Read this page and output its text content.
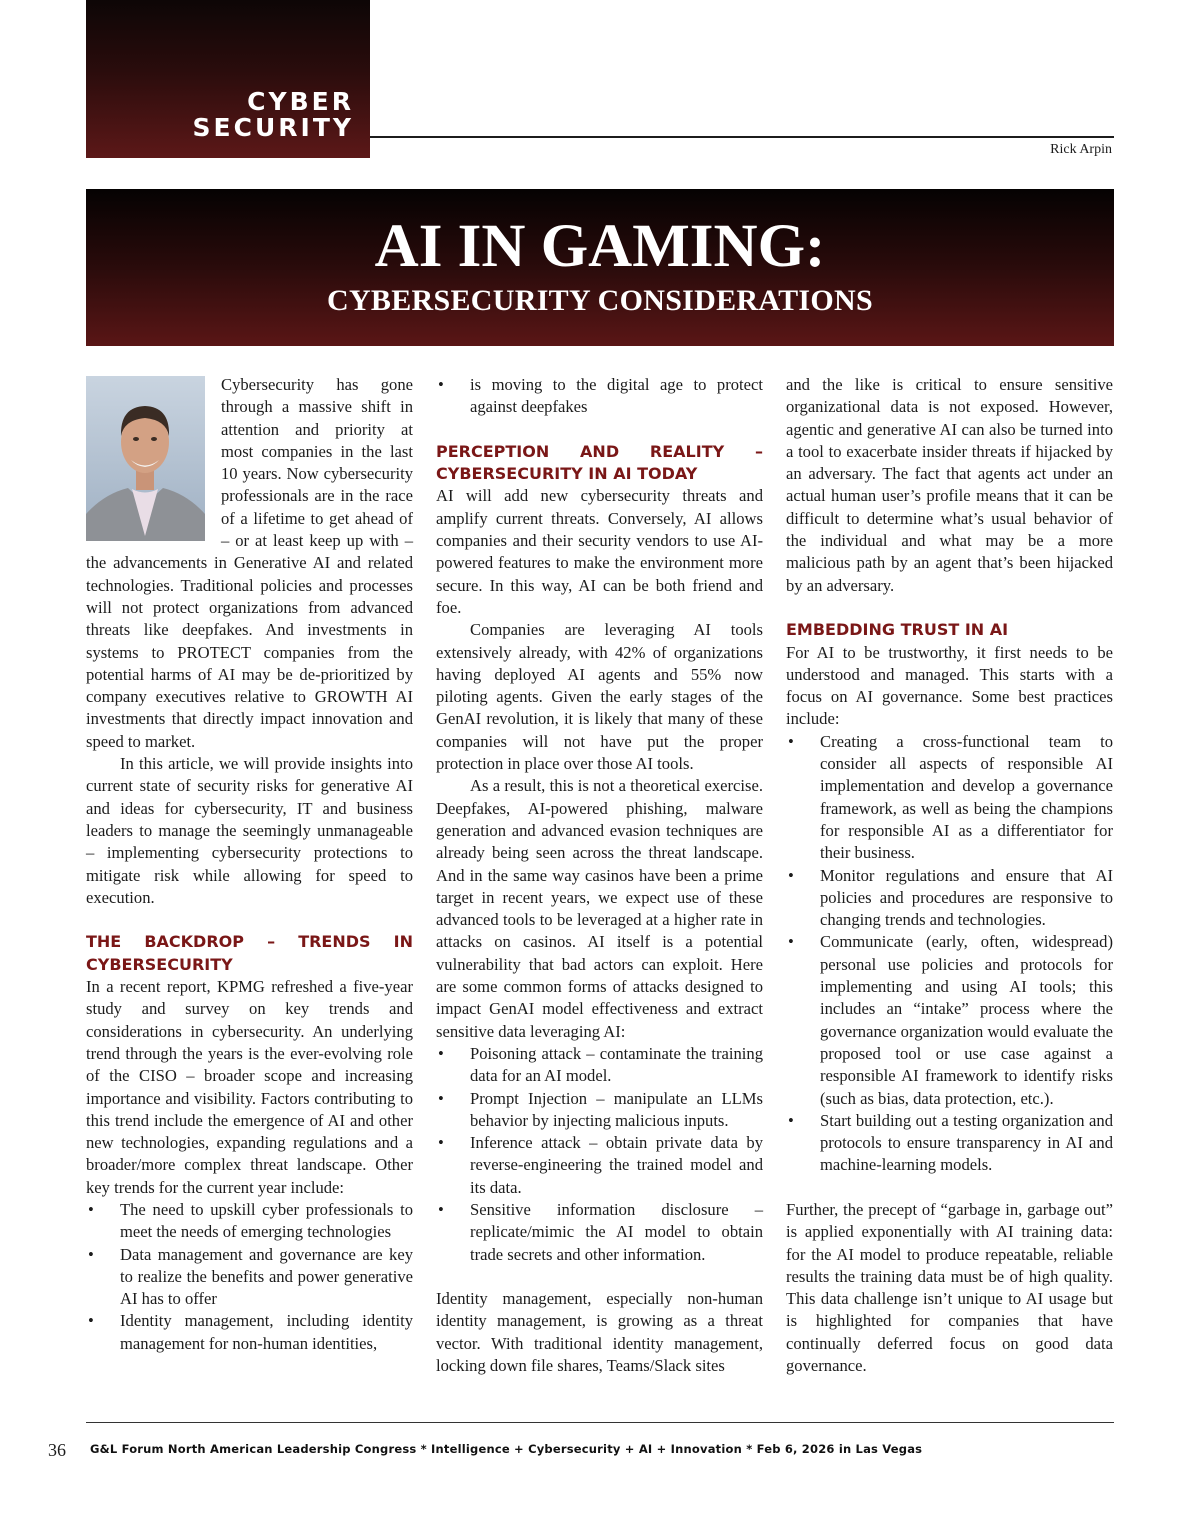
CYBER
SECURITY
Rick Arpin
AI IN GAMING:
CYBERSECURITY CONSIDERATIONS

Cybersecurity has gone through a massive shift in attention and priority at most companies in the last 10 years. Now cybersecurity professionals are in the race of a lifetime to get ahead of – or at least keep up with – the advancements in Generative AI and related technologies. Traditional policies and processes will not protect organizations from advanced threats like deepfakes. And investments in systems to PROTECT companies from the potential harms of AI may be de-prioritized by company executives relative to GROWTH AI investments that directly impact innovation and speed to market.

In this article, we will provide insights into current state of security risks for generative AI and ideas for cybersecurity, IT and business leaders to manage the seemingly unmanageable – implementing cybersecurity protections to mitigate risk while allowing for speed to execution.

THE BACKDROP – TRENDS IN CYBERSECURITY

In a recent report, KPMG refreshed a five-year study and survey on key trends and considerations in cybersecurity. An underlying trend through the years is the ever-evolving role of the CISO – broader scope and increasing importance and visibility. Factors contributing to this trend include the emergence of AI and other new technologies, expanding regulations and a broader/more complex threat landscape. Other key trends for the current year include:

• The need to upskill cyber professionals to meet the needs of emerging technologies
• Data management and governance are key to realize the benefits and power generative AI has to offer
• Identity management, including identity management for non-human identities,
• is moving to the digital age to protect against deepfakes
PERCEPTION AND REALITY – CYBERSECURITY IN AI TODAY

AI will add new cybersecurity threats and amplify current threats. Conversely, AI allows companies and their security vendors to use AI-powered features to make the environment more secure. In this way, AI can be both friend and foe.

Companies are leveraging AI tools extensively already, with 42% of organizations having deployed AI agents and 55% now piloting agents. Given the early stages of the GenAI revolution, it is likely that many of these companies will not have put the proper protection in place over those AI tools.

As a result, this is not a theoretical exercise. Deepfakes, AI-powered phishing, malware generation and advanced evasion techniques are already being seen across the threat landscape. And in the same way casinos have been a prime target in recent years, we expect use of these advanced tools to be leveraged at a higher rate in attacks on casinos. AI itself is a potential vulnerability that bad actors can exploit. Here are some common forms of attacks designed to impact GenAI model effectiveness and extract sensitive data leveraging AI:

• Poisoning attack – contaminate the training data for an AI model.
• Prompt Injection – manipulate an LLMs behavior by injecting malicious inputs.
• Inference attack – obtain private data by reverse-engineering the trained model and its data.
• Sensitive information disclosure – replicate/mimic the AI model to obtain trade secrets and other information.

Identity management, especially non-human identity management, is growing as a threat vector. With traditional identity management, locking down file shares, Teams/Slack sites

and the like is critical to ensure sensitive organizational data is not exposed. However, agentic and generative AI can also be turned into a tool to exacerbate insider threats if hijacked by an adversary. The fact that agents act under an actual human user’s profile means that it can be difficult to determine what’s usual behavior of the individual and what may be a more malicious path by an agent that’s been hijacked by an adversary.

EMBEDDING TRUST IN AI

For AI to be trustworthy, it first needs to be understood and managed. This starts with a focus on AI governance. Some best practices include:

• Creating a cross-functional team to consider all aspects of responsible AI implementation and develop a governance framework, as well as being the champions for responsible AI as a differentiator for their business.
• Monitor regulations and ensure that AI policies and procedures are responsive to changing trends and technologies.
• Communicate (early, often, widespread) personal use policies and protocols for implementing and using AI tools; this includes an “intake” process where the governance organization would evaluate the proposed tool or use case against a responsible AI framework to identify risks (such as bias, data protection, etc.).
• Start building out a testing organization and protocols to ensure transparency in AI and machine-learning models.

Further, the precept of “garbage in, garbage out” is applied exponentially with AI training data: for the AI model to produce repeatable, reliable results the training data must be of high quality. This data challenge isn’t unique to AI usage but is highlighted for companies that have continually deferred focus on good data governance.

36 G&L Forum North American Leadership Congress * Intelligence + Cybersecurity + AI + Innovation * Feb 6, 2026 in Las Vegas
